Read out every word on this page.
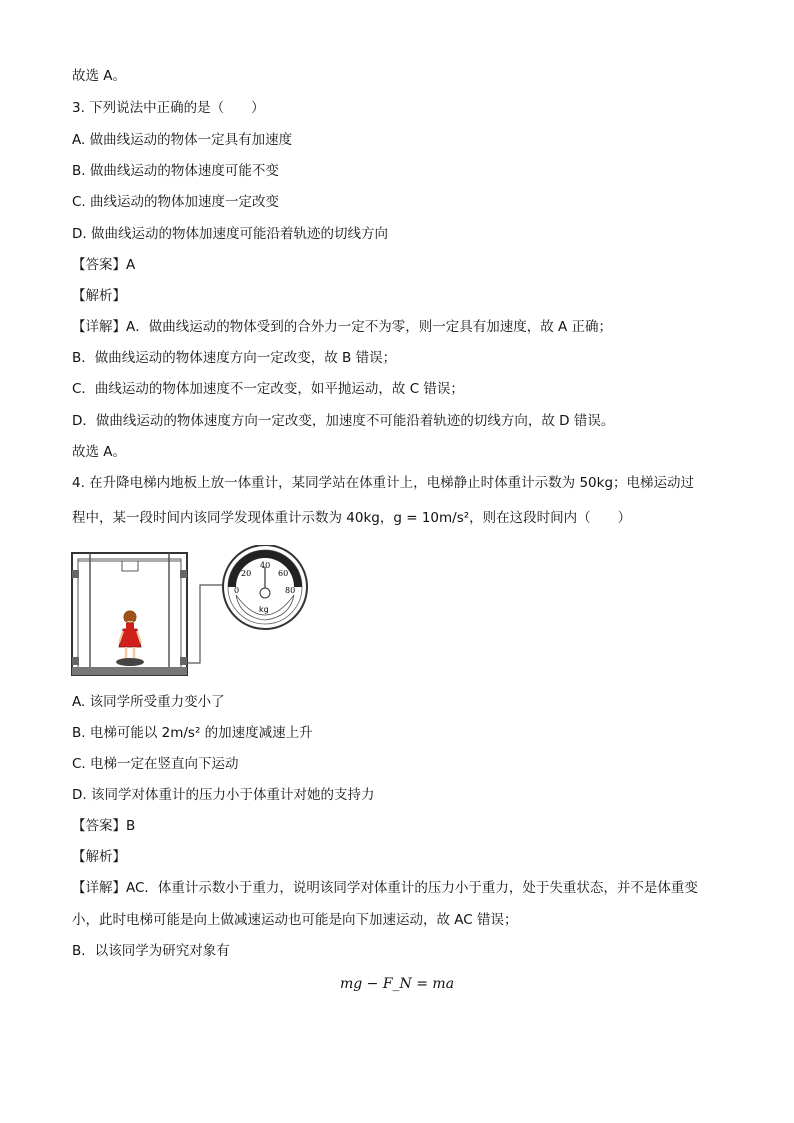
故选 A。
3. 下列说法中正确的是（　　）
A. 做曲线运动的物体一定具有加速度
B. 做曲线运动的物体速度可能不变
C. 曲线运动的物体加速度一定改变
D. 做曲线运动的物体加速度可能沿着轨迹的切线方向
【答案】A
【解析】
【详解】A．做曲线运动的物体受到的合外力一定不为零，则一定具有加速度，故 A 正确；
B．做曲线运动的物体速度方向一定改变，故 B 错误；
C．曲线运动的物体加速度不一定改变，如平抛运动，故 C 错误；
D．做曲线运动的物体速度方向一定改变，加速度不可能沿着轨迹的切线方向，故 D 错误。
故选 A。
4. 在升降电梯内地板上放一体重计，某同学站在体重计上，电梯静止时体重计示数为 50kg；电梯运动过
程中，某一段时间内该同学发现体重计示数为 40kg，g = 10m/s²，则在这段时间内（　　）
0
20
40
60
80
kg
A. 该同学所受重力变小了
B. 电梯可能以 2m/s² 的加速度减速上升
C. 电梯一定在竖直向下运动
D. 该同学对体重计的压力小于体重计对她的支持力
【答案】B
【解析】
【详解】AC．体重计示数小于重力，说明该同学对体重计的压力小于重力，处于失重状态，并不是体重变
小，此时电梯可能是向上做减速运动也可能是向下加速运动，故 AC 错误；
B．以该同学为研究对象有
mg − F_N = ma
